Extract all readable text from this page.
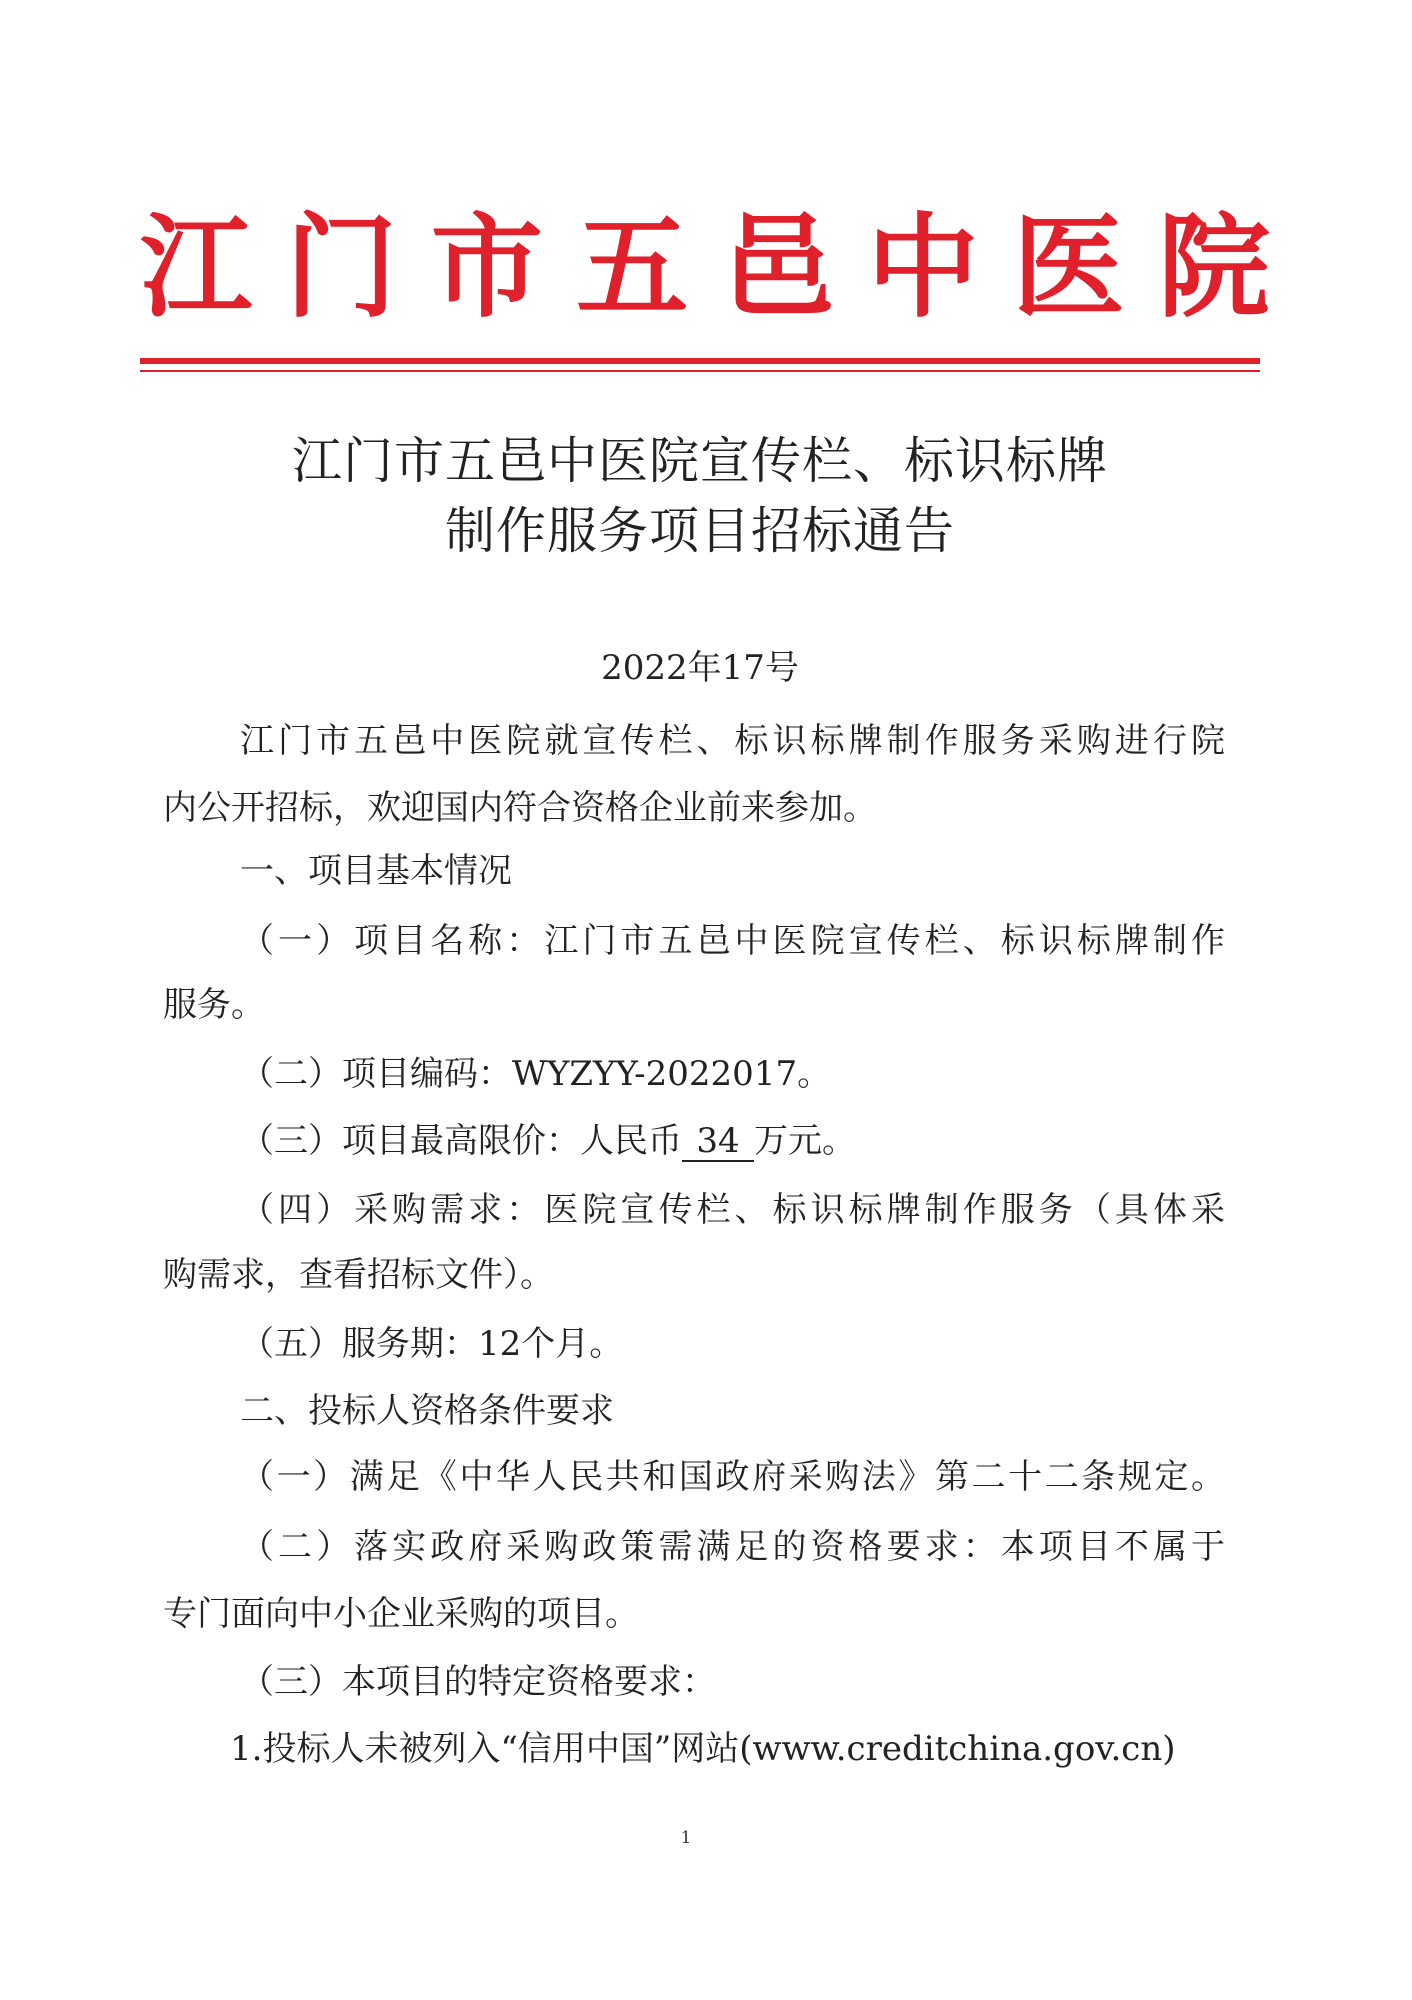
江 门 市 五 邑 中 医 院
江门市五邑中医院宣传栏、标识标牌
制作服务项目招标通告
2022年17号
江门市五邑中医院就宣传栏、标识标牌制作服务采购进行院
内公开招标，欢迎国内符合资格企业前来参加。
一、项目基本情况
（一）项目名称：江门市五邑中医院宣传栏、标识标牌制作
服务。
（二）项目编码：WYZYY-2022017。
（三）项目最高限价：人民币 34 万元。
（四）采购需求：医院宣传栏、标识标牌制作服务（具体采
购需求，查看招标文件）。
（五）服务期：12个月。
二、投标人资格条件要求
（一）满足《中华人民共和国政府采购法》第二十二条规定。
（二）落实政府采购政策需满足的资格要求：本项目不属于
专门面向中小企业采购的项目。
（三）本项目的特定资格要求：
1.投标人未被列入“信用中国”网站(www.creditchina.gov.cn)
1
